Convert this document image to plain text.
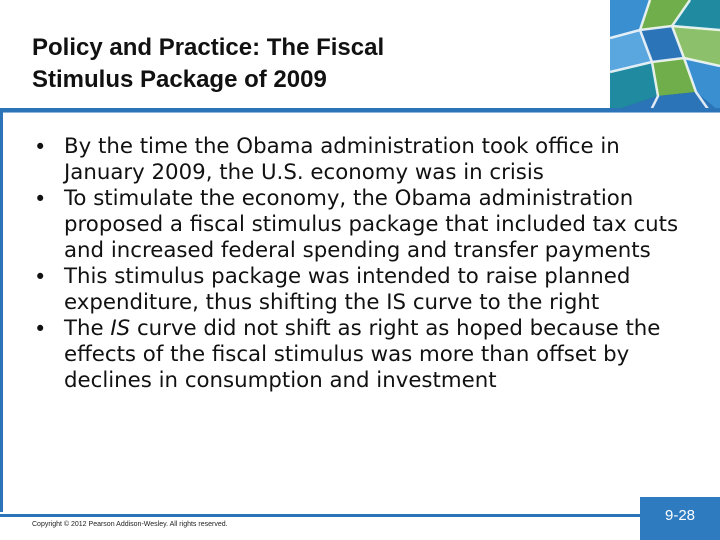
Policy and Practice: The Fiscal
Stimulus Package of 2009
• By the time the Obama administration took office in January 2009, the U.S. economy was in crisis
• To stimulate the economy, the Obama administration proposed a fiscal stimulus package that included tax cuts and increased federal spending and transfer payments
• This stimulus package was intended to raise planned expenditure, thus shifting the IS curve to the right
• The IS curve did not shift as right as hoped because the effects of the fiscal stimulus was more than offset by declines in consumption and investment
Copyright © 2012 Pearson Addison-Wesley. All rights reserved.
9-28
